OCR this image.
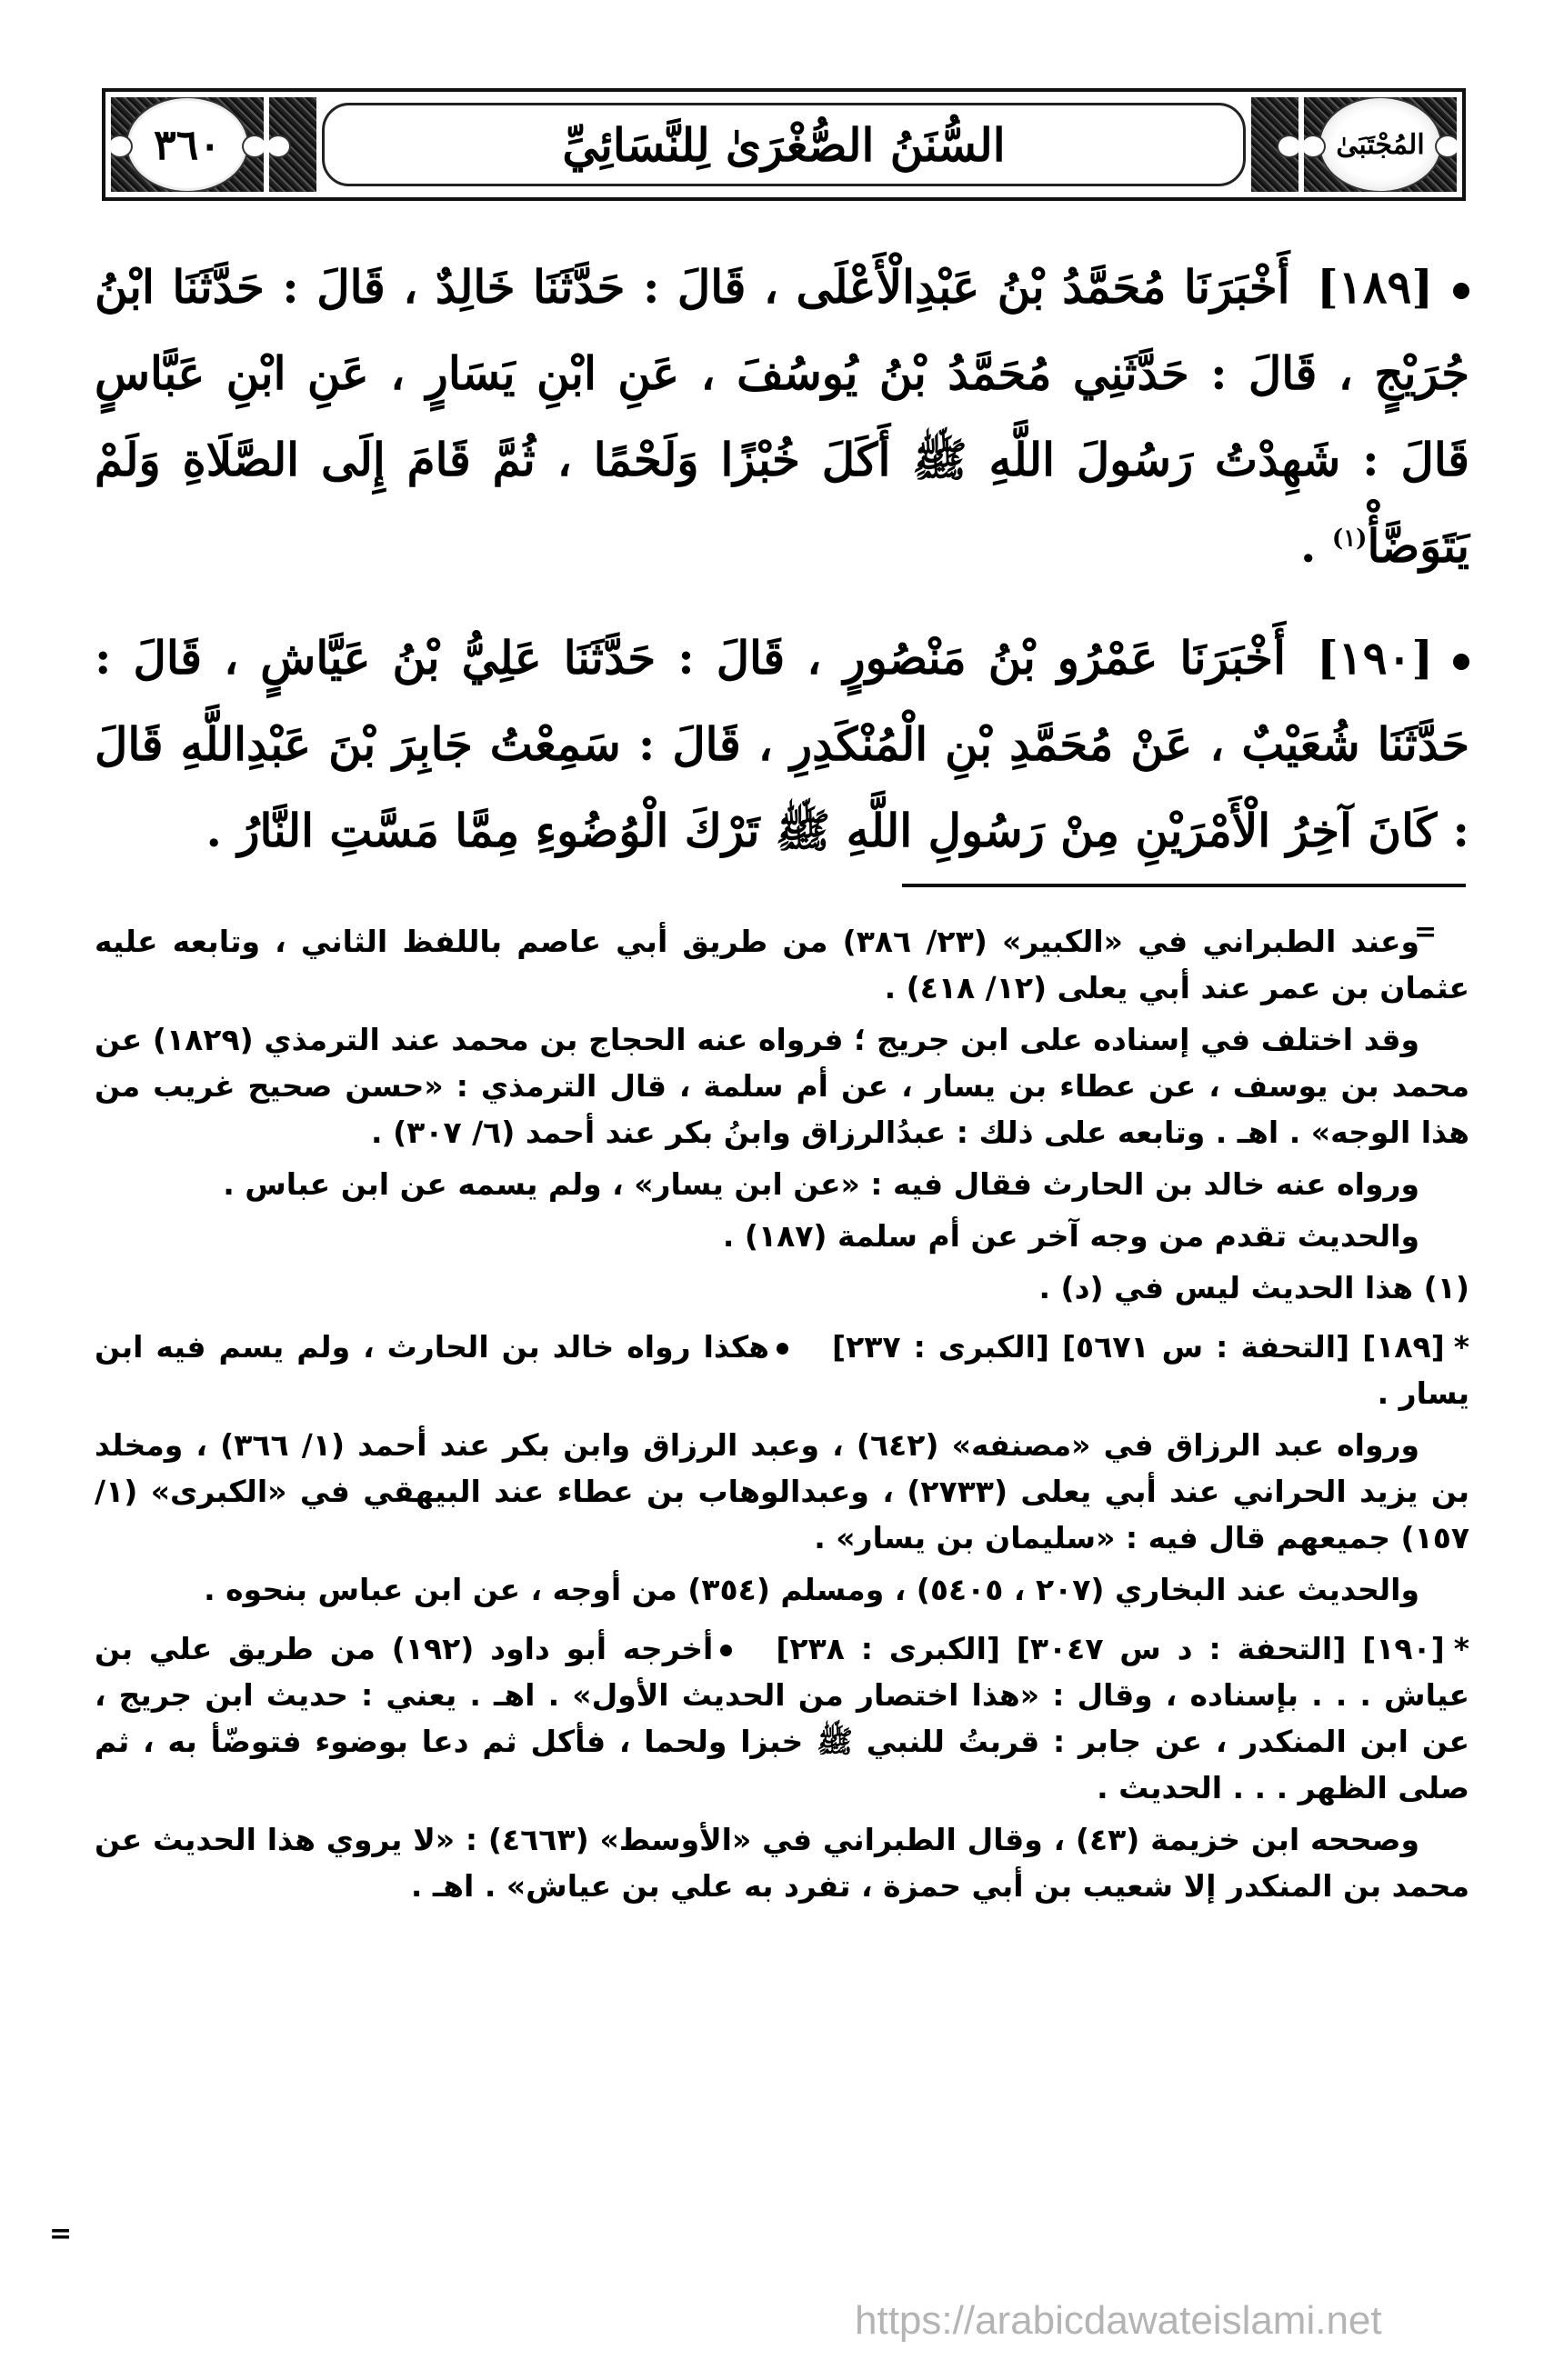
٣٦٠	السُّنَنُ الصُّغْرَىٰ لِلنَّسَائِيِّ	المُجْتَبَىٰ

[١٨٩] أَخْبَرَنَا مُحَمَّدُ بْنُ عَبْدِالْأَعْلَى ، قَالَ : حَدَّثَنَا خَالِدٌ ، قَالَ : حَدَّثَنَا ابْنُ جُرَيْجٍ ، قَالَ : حَدَّثَنِي مُحَمَّدُ بْنُ يُوسُفَ ، عَنِ ابْنِ يَسَارٍ ، عَنِ ابْنِ عَبَّاسٍ قَالَ : شَهِدْتُ رَسُولَ اللَّهِ ﷺ أَكَلَ خُبْزًا وَلَحْمًا ، ثُمَّ قَامَ إِلَى الصَّلَاةِ وَلَمْ يَتَوَضَّأْ$^{(١)}$ .

[١٩٠] أَخْبَرَنَا عَمْرُو بْنُ مَنْصُورٍ ، قَالَ : حَدَّثَنَا عَلِيُّ بْنُ عَيَّاشٍ ، قَالَ : حَدَّثَنَا شُعَيْبٌ ، عَنْ مُحَمَّدِ بْنِ الْمُنْكَدِرِ ، قَالَ : سَمِعْتُ جَابِرَ بْنَ عَبْدِاللَّهِ قَالَ : كَانَ آخِرُ الْأَمْرَيْنِ مِنْ رَسُولِ اللَّهِ ﷺ تَرْكَ الْوُضُوءِ مِمَّا مَسَّتِ النَّارُ .

=

وعند الطبراني في «الكبير» (٢٣/ ٣٨٦) من طريق أبي عاصم باللفظ الثاني ، وتابعه عليه عثمان بن عمر عند أبي يعلى (١٢/ ٤١٨) .

وقد اختلف في إسناده على ابن جريج ؛ فرواه عنه الحجاج بن محمد عند الترمذي (١٨٢٩) عن محمد بن يوسف ، عن عطاء بن يسار ، عن أم سلمة ، قال الترمذي : «حسن صحيح غريب من هذا الوجه» . اهـ . وتابعه على ذلك : عبدُالرزاق وابنُ بكر عند أحمد (٦/ ٣٠٧) .

ورواه عنه خالد بن الحارث فقال فيه : «عن ابن يسار» ، ولم يسمه عن ابن عباس .

والحديث تقدم من وجه آخر عن أم سلمة (١٨٧) .

(١) هذا الحديث ليس في (د) .

*[١٨٩] [التحفة : س ٥٦٧١] [الكبرى : ٢٣٧]هكذا رواه خالد بن الحارث ، ولم يسم فيه ابن يسار .

ورواه عبد الرزاق في «مصنفه» (٦٤٢) ، وعبد الرزاق وابن بكر عند أحمد (١/ ٣٦٦) ، ومخلد بن يزيد الحراني عند أبي يعلى (٢٧٣٣) ، وعبدالوهاب بن عطاء عند البيهقي في «الكبرى» (١/ ١٥٧) جميعهم قال فيه : «سليمان بن يسار» .

والحديث عند البخاري (٢٠٧ ، ٥٤٠٥) ، ومسلم (٣٥٤) من أوجه ، عن ابن عباس بنحوه .

*[١٩٠] [التحفة : د س ٣٠٤٧] [الكبرى : ٢٣٨]أخرجه أبو داود (١٩٢) من طريق علي بن عياش . . . بإسناده ، وقال : «هذا اختصار من الحديث الأول» . اهـ . يعني : حديث ابن جريج ، عن ابن المنكدر ، عن جابر : قربتُ للنبي ﷺ خبزا ولحما ، فأكل ثم دعا بوضوء فتوضّأ به ، ثم صلى الظهر . . . الحديث .

وصححه ابن خزيمة (٤٣) ، وقال الطبراني في «الأوسط» (٤٦٦٣) : «لا يروي هذا الحديث عن محمد بن المنكدر إلا شعيب بن أبي حمزة ، تفرد به علي بن عياش» . اهـ .

=
https://arabicdawateislami.net
